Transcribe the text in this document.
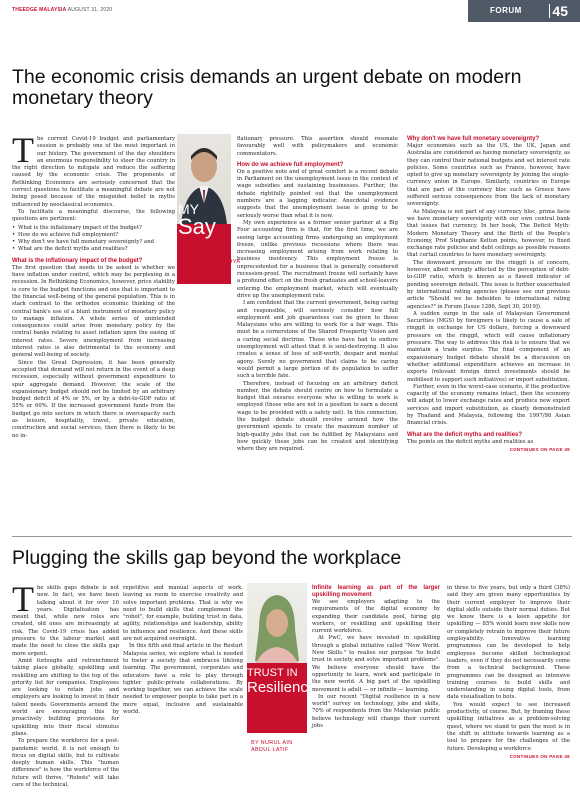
THEEDGE MALAYSIA AUGUST 31, 2020	FORUM 45
The economic crisis demands an urgent debate on modern monetary theory

The current Covid-19 budget and parliamentary session is probably one of the most important in our history. The government of the day shoulders an enormous responsibility to steer the country in the right direction to mitigate and reduce the suffering caused by the economic crisis. The proponents of Rethinking Economics are seriously concerned that the correct questions to facilitate a meaningful debate are not being posed because of the misguided belief in myths influenced by neoclassical economics.

To facilitate a meaningful discourse, the following questions are pertinent:

• What is the inflationary impact of the budget?
• How do we achieve full employment?
• Why don't we have full monetary sovereignty? and
• What are the deficit myths and realities?
What is the inflationary impact of the budget?

The first question that needs to be asked is whether we have inflation under control, which may be perplexing in a recession. In Rethinking Economics, however, price stability is core to the budget functions and one that is important to the financial well-being of the general population. This is in stark contrast to the orthodox economic thinking of the central bank's use of a blunt instrument of monetary policy to manage inflation. A whole series of unintended consequences could arise from monetary policy by the central banks relating to asset inflation upon the easing of interest rates. Severe unemployment from increasing interest rates is also detrimental to the economy and general well-being of society.

Since the Great Depression, it has been generally accepted that demand will not return in the event of a deep recession, especially without government expenditure to spur aggregate demand. However, the scale of the expansionary budget should not be limited by an arbitrary budget deficit of 4% or 5%, or by a debt-to-GDP ratio of 55% or 60%. If the increased government funds from the budget go into sectors in which there is overcapacity such as leisure, hospitality, travel, private education, construction and social services, then there is likely to be no in-

MY
Say
BY
MOHD ANWAR YAHYA

flationary pressure. This assertion should resonate favourably well with policymakers and economic commentators.

How do we achieve full employment?

On a positive note and of great comfort is a recent debate in Parliament on the unemployment issue in the context of wage subsidies and sustaining businesses. Further, the debate rightfully pointed out that the unemployment numbers are a lagging indicator. Anecdotal evidence suggests that the unemployment issue is going to be seriously worse than what it is now.

My own experience as a former senior partner at a Big Four accounting firm is that, for the first time, we are seeing large accounting firms undergoing an employment freeze, unlike previous recessions where there was increasing employment arising from work relating to business insolvency. This employment freeze is unprecedented for a business that is generally considered recession-proof. The recruitment freeze will certainly have a profound effect on the fresh graduates and school-leavers entering the employment market, which will eventually drive up the unemployment rate.

I am confident that the current government, being caring and responsible, will seriously consider how full employment and job guarantees can be given to those Malaysians who are willing to work for a fair wage. This must be a cornerstone of the Shared Prosperity Vision and a caring social doctrine. Those who have had to endure unemployment will attest that it is soul-destroying. It also creates a sense of loss of self-worth, despair and mental agony. Surely no government that claims to be caring would permit a large portion of its population to suffer such a terrible fate.

Therefore, instead of focusing on an arbitrary deficit number, the debate should centre on how to formulate a budget that ensures everyone who is willing to work is employed (those who are not in a position to earn a decent wage to be provided with a safety net). In this connection, the budget debate should revolve around how the government spends to create the maximum number of high-quality jobs that can be fulfilled by Malaysians and how quickly these jobs can be created and identifying where they are required.

Why don't we have full monetary sovereignty?

Major economies such as the US, the UK, Japan and Australia are considered as having monetary sovereignty, as they can control their national budgets and set interest rate policies. Some countries such as France, however, have opted to give up monetary sovereignty by joining the single-currency union in Europe. Similarly, countries in Europe that are part of the currency bloc such as Greece have suffered serious consequences from the lack of monetary sovereignty.

As Malaysia is not part of any currency bloc, prima facie we have monetary sovereignty with our own central bank that issues fiat currency. In her book, The Deficit Myth: Modern Monetary Theory and the Birth of the People's Economy, Prof Stephanie Kelton points, however, to fixed exchange rate policies and debt ceilings as possible reasons that curtail countries to have monetary sovereignty.

The downward pressure on the ringgit is of concern, however, albeit wrongly affected by the perception of debt-to-GDP ratio, which is known as a flawed indicator of pending sovereign default. This issue is further exacerbated by international rating agencies (please see our previous article "Should we be beholden to international rating agencies?" in Forum [Issue 1286, Sept 30, 2019]).

A sudden surge in the sale of Malaysian Government Securities (MGS) by foreigners is likely to cause a sale of ringgit in exchange for US dollars, forcing a downward pressure on the ringgit, which will cause inflationary pressure. The way to address this risk is to ensure that we maintain a trade surplus. The final component of an expansionary budget debate should be a discussion on whether additional expenditure achieves an increase in exports (relevant foreign direct investments should be mobilised to support such initiatives) or import substitution.

Further, even in the worst-case scenario, if the productive capacity of the economy remains intact, then the economy will adapt to lower exchange rates and produce new export services and import substitution, as clearly demonstrated by Thailand and Malaysia, following the 1997/98 Asian financial crisis.

What are the deficit myths and realities?

The points on the deficit myths and realities as

CONTINUES ON PAGE 49
Plugging the skills gap beyond the workplace

The skills gaps debate is not new. In fact, we have been talking about it for over 10 years. Digitalisation has meant that, while new roles are created, old ones are increasingly at risk. The Covid-19 crisis has added pressure to the labour market and made the need to close the skills gap more urgent.

Amid furloughs and retrenchment taking place globally, upskilling and reskilling are shifting to the top of the priority list for companies. Employees are looking to retain jobs and employers are looking to invest in their talent needs. Governments around the world are encouraging this by proactively building provisions for upskilling into their fiscal stimulus plans.

To prepare the workforce for a post-pandemic world, it is not enough to focus on digital skills, but to cultivate deeply human skills. This "human difference" is how the workforce of the future will thrive. "Robots" will take care of the technical,

repetitive and manual aspects of work, leaving us room to exercise creativity and solve important problems. That is why we need to build skills that complement the "robot", for example, building trust in data, agility, relationships and leadership, ability to influence and resilience. And these skills are not acquired overnight.

In this fifth and final article in the Restart Malaysia series, we explore what is needed to foster a society that embraces lifelong learning. The government, corporates and educators have a role to play through tighter public-private collaborations. By working together, we can achieve the scale needed to empower people to take part in a more equal, inclusive and sustainable world.

TRUST IN
Resilience
BY NURUL AIN
ABDUL LATIF
Infinite learning as part of the larger upskilling movement

We see employers adapting to the requirements of the digital economy by expanding their candidate pool, hiring gig workers, or reskilling and upskilling their current workforce.

At PwC, we have invested in upskilling through a global initiative called "New World. New Skills." to realise our purpose "to build trust in society and solve important problems". We believe everyone should have the opportunity to learn, work and participate in the new world. A big part of the upskilling movement is adult — or infinite — learning.

In our recent "Digital resilience in a new world" survey on technology, jobs and skills, 70% of respondents from the Malaysian public believe technology will change their current jobs

in three to five years, but only a third (38%) said they are given many opportunities by their current employer to improve their digital skills outside their normal duties. But we know there is a keen appetite for upskilling — 85% would learn new skills now or completely retrain to improve their future employability. Innovative learning programmes can be developed to help employees become skilled technological leaders, even if they do not necessarily come from a technical background. These programmes can be designed as intensive training courses to build skills and understanding in using digital tools, from data visualisation to bots.

You would expect to see increased productivity, of course. But, by framing these upskilling initiatives as a problem-solving quest, where we stand to gain the most is in the shift in attitude towards learning as a tool to prepare for the challenges of the future. Developing a workforce

CONTINUES ON PAGE 49
